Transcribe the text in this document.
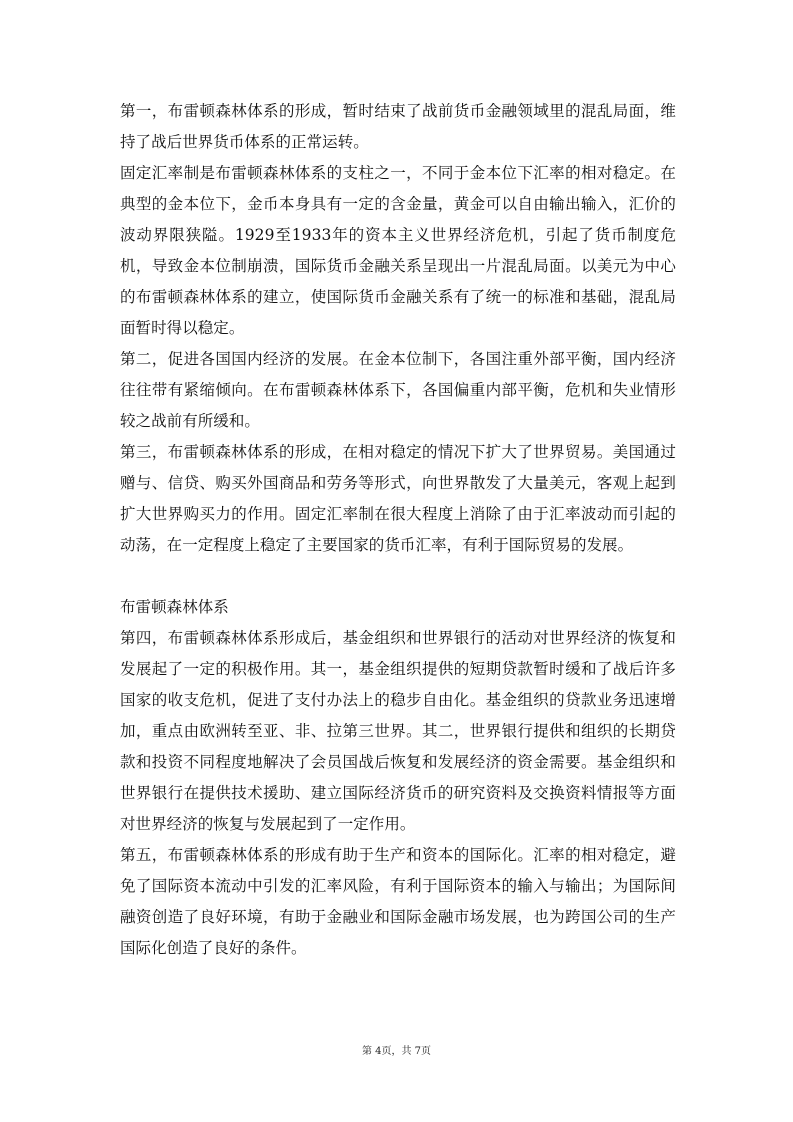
第一，布雷顿森林体系的形成，暂时结束了战前货币金融领域里的混乱局面，维持了战后世界货币体系的正常运转。

固定汇率制是布雷顿森林体系的支柱之一，不同于金本位下汇率的相对稳定。在典型的金本位下，金币本身具有一定的含金量，黄金可以自由输出输入，汇价的波动界限狭隘。1929至1933年的资本主义世界经济危机，引起了货币制度危机，导致金本位制崩溃，国际货币金融关系呈现出一片混乱局面。以美元为中心的布雷顿森林体系的建立，使国际货币金融关系有了统一的标准和基础，混乱局面暂时得以稳定。

第二，促进各国国内经济的发展。在金本位制下，各国注重外部平衡，国内经济往往带有紧缩倾向。在布雷顿森林体系下，各国偏重内部平衡，危机和失业情形较之战前有所缓和。

第三，布雷顿森林体系的形成，在相对稳定的情况下扩大了世界贸易。美国通过赠与、信贷、购买外国商品和劳务等形式，向世界散发了大量美元，客观上起到扩大世界购买力的作用。固定汇率制在很大程度上消除了由于汇率波动而引起的动荡，在一定程度上稳定了主要国家的货币汇率，有利于国际贸易的发展。

布雷顿森林体系

第四，布雷顿森林体系形成后，基金组织和世界银行的活动对世界经济的恢复和发展起了一定的积极作用。其一，基金组织提供的短期贷款暂时缓和了战后许多国家的收支危机，促进了支付办法上的稳步自由化。基金组织的贷款业务迅速增加，重点由欧洲转至亚、非、拉第三世界。其二，世界银行提供和组织的长期贷款和投资不同程度地解决了会员国战后恢复和发展经济的资金需要。基金组织和世界银行在提供技术援助、建立国际经济货币的研究资料及交换资料情报等方面对世界经济的恢复与发展起到了一定作用。

第五，布雷顿森林体系的形成有助于生产和资本的国际化。汇率的相对稳定，避免了国际资本流动中引发的汇率风险，有利于国际资本的输入与输出；为国际间融资创造了良好环境，有助于金融业和国际金融市场发展，也为跨国公司的生产国际化创造了良好的条件。

第 4页，共 7页
